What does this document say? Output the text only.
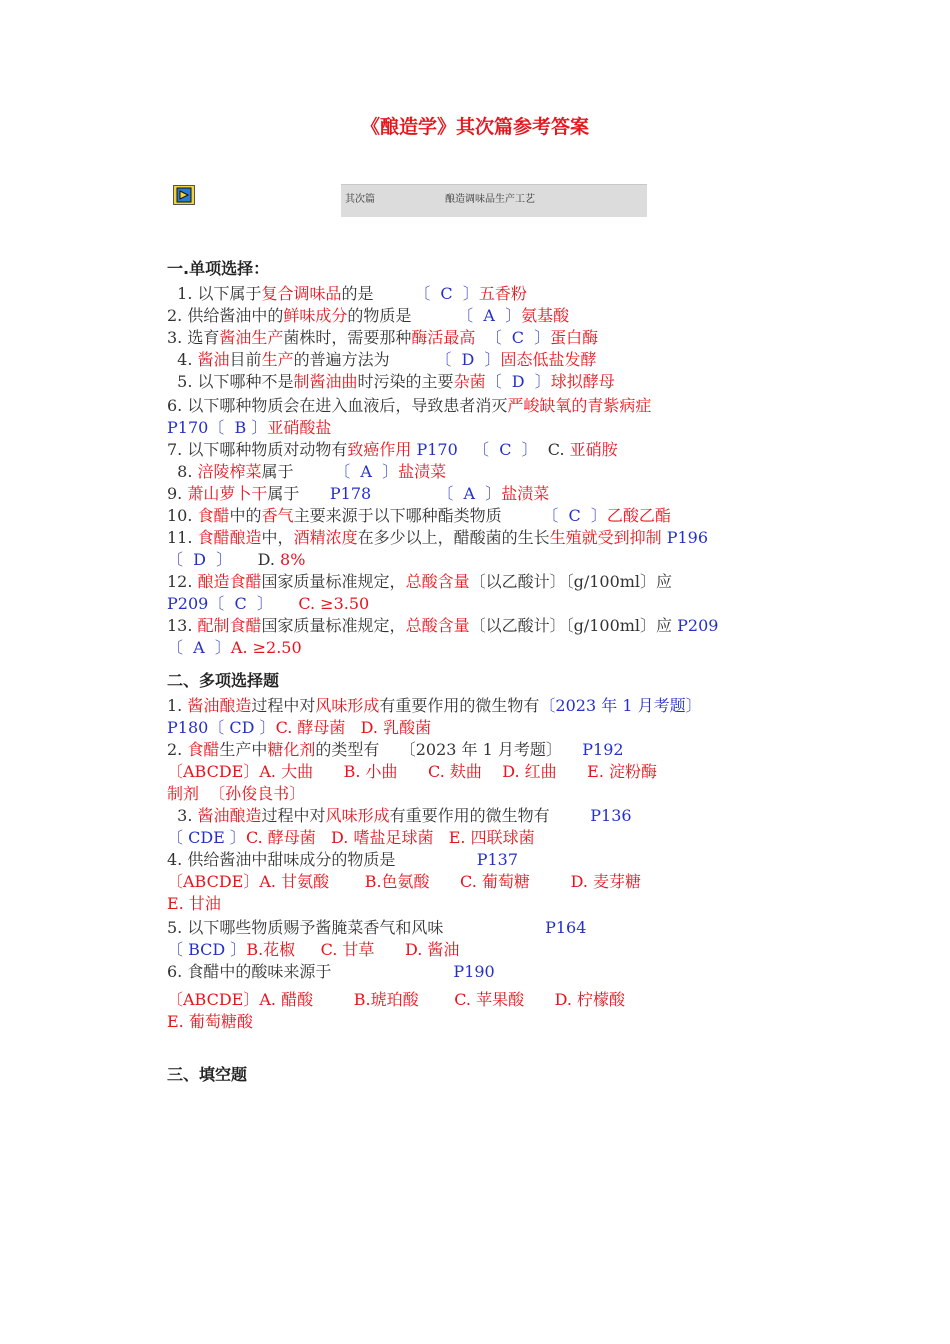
《酿造学》其次篇参考答案
其次篇	酿造调味品生产工艺
一.单项选择：
二、多项选择题
三、填空题
1. 以下属于复合调味品的是        〔  C  〕五香粉
2. 供给酱油中的鲜味成分的物质是         〔  A  〕氨基酸
3. 选育酱油生产菌株时，需要那种酶活最高  〔  C  〕蛋白酶
4. 酱油目前生产的普遍方法为         〔  D  〕固态低盐发酵
5. 以下哪种不是制酱油曲时污染的主要杂菌〔  D  〕球拟酵母
6. 以下哪种物质会在进入血液后，导致患者消灭严峻缺氧的青紫病症
P170〔  B 〕亚硝酸盐
7. 以下哪种物质对动物有致癌作用 P170   〔  C  〕  C. 亚硝胺
8. 涪陵榨菜属于        〔  A  〕盐渍菜
9. 萧山萝卜干属于      P178             〔  A  〕盐渍菜
10. 食醋中的香气主要来源于以下哪种酯类物质        〔  C  〕乙酸乙酯
11. 食醋酿造中，酒精浓度在多少以上，醋酸菌的生长生殖就受到抑制 P196
〔  D  〕     D. 8%
12. 酿造食醋国家质量标准规定，总酸含量〔以乙酸计〕〔g/100ml〕应
P209〔  C  〕     C. ≥3.50
13. 配制食醋国家质量标准规定，总酸含量〔以乙酸计〕〔g/100ml〕应 P209
〔  A  〕A. ≥2.50
1. 酱油酿造过程中对风味形成有重要作用的微生物有〔2023 年 1 月考题〕
P180〔 CD 〕C. 酵母菌   D. 乳酸菌
2. 食醋生产中糖化剂的类型有    〔2023 年 1 月考题〕    P192
〔ABCDE〕A. 大曲      B. 小曲      C. 麸曲    D. 红曲      E. 淀粉酶
制剂  〔孙俊良书〕
3. 酱油酿造过程中对风味形成有重要作用的微生物有        P136
〔 CDE 〕C. 酵母菌   D. 嗜盐足球菌   E. 四联球菌
4. 供给酱油中甜味成分的物质是                P137
〔ABCDE〕A. 甘氨酸       B.色氨酸      C. 葡萄糖        D. 麦芽糖
E. 甘油
5. 以下哪些物质赐予酱腌菜香气和风味                    P164
〔 BCD 〕B.花椒     C. 甘草      D. 酱油
6. 食醋中的酸味来源于                        P190
〔ABCDE〕A. 醋酸        B.琥珀酸       C. 苹果酸      D. 柠檬酸
E. 葡萄糖酸
